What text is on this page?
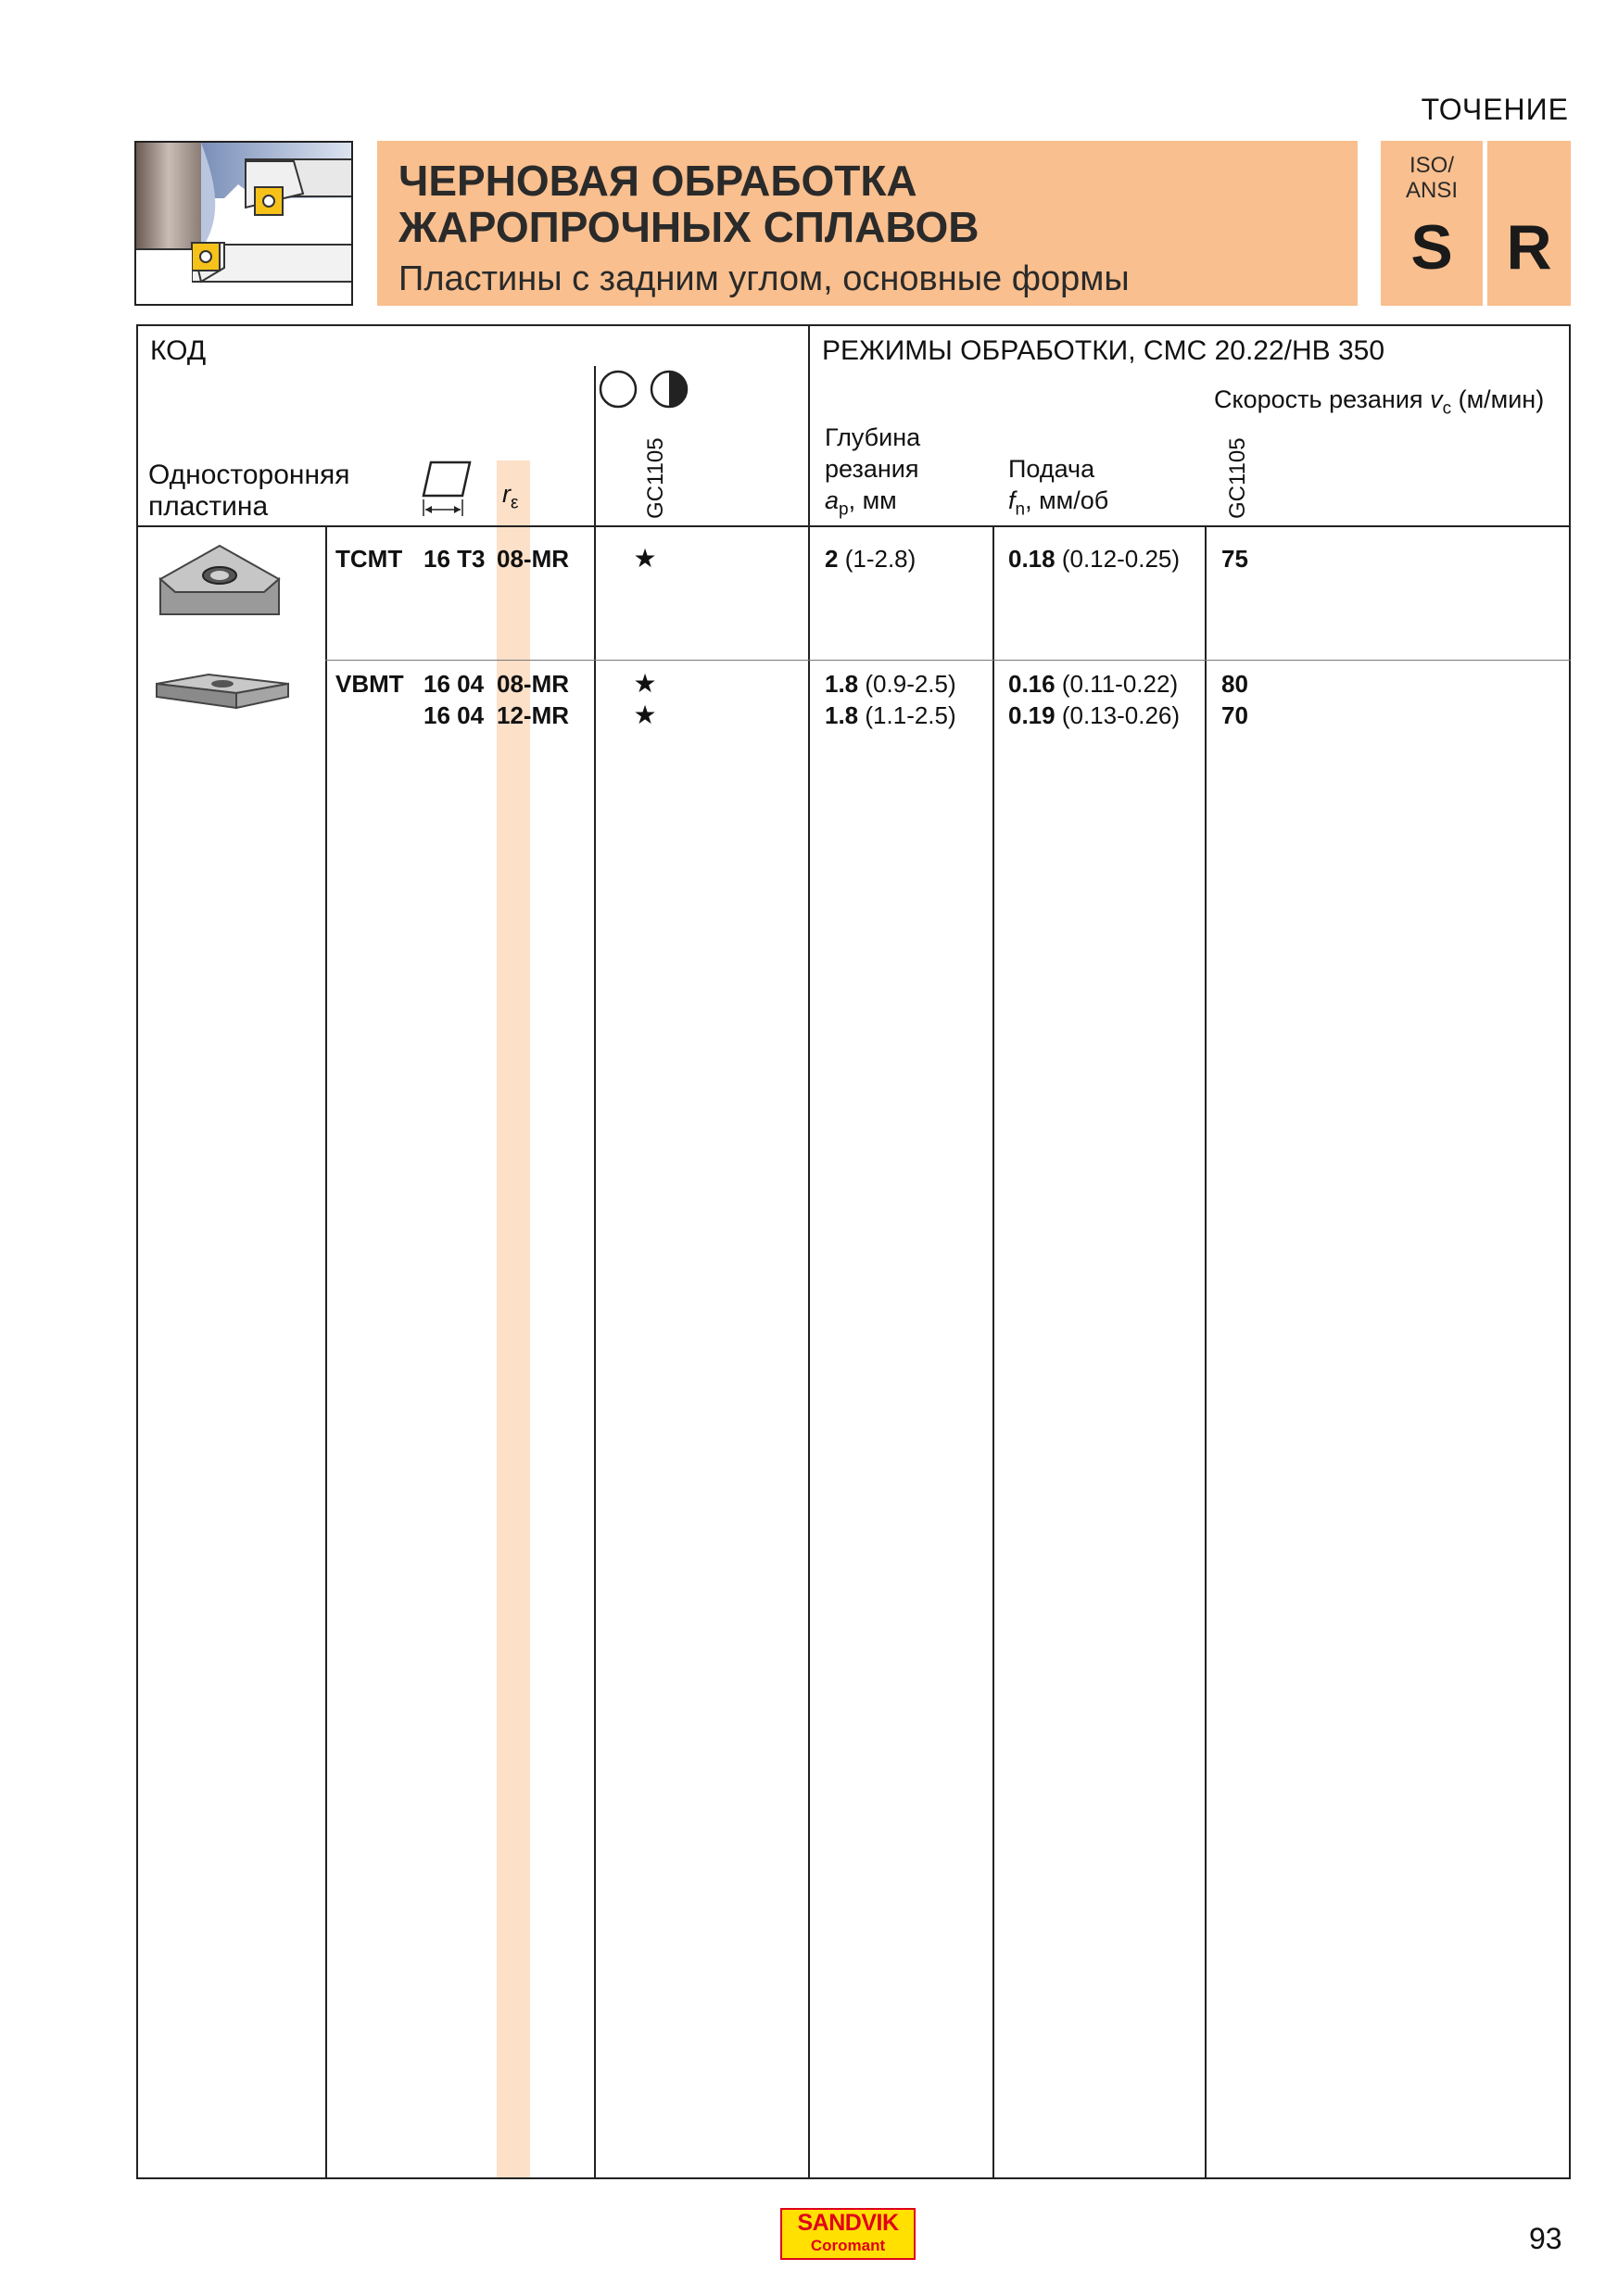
ТОЧЕНИЕ
ЧЕРНОВАЯ ОБРАБОТКА
ЖАРОПРОЧНЫХ СПЛАВОВ
Пластины с задним углом, основные формы
ISO/
ANSI
S R
КОД
Односторонняя
пластина	$r_\varepsilon$	GC1105
РЕЖИМЫ ОБРАБОТКИ, CMC 20.22/HB 350
Скорость резания $v_c$ (м/мин)
Глубина
резания
$a_p$, мм
Подача
$f_n$, мм/об	GC1105
TCMT 16 T3 08-MR ★	2 (1-2.8)	0.18 (0.12-0.25) 75
VBMT 16 04 08-MR ★	1.8 (0.9-2.5) 0.16 (0.11-0.22) 80
16 04 12-MR ★	1.8 (1.1-2.5) 0.19 (0.13-0.26) 70
SANDVIK
Coromant	93
